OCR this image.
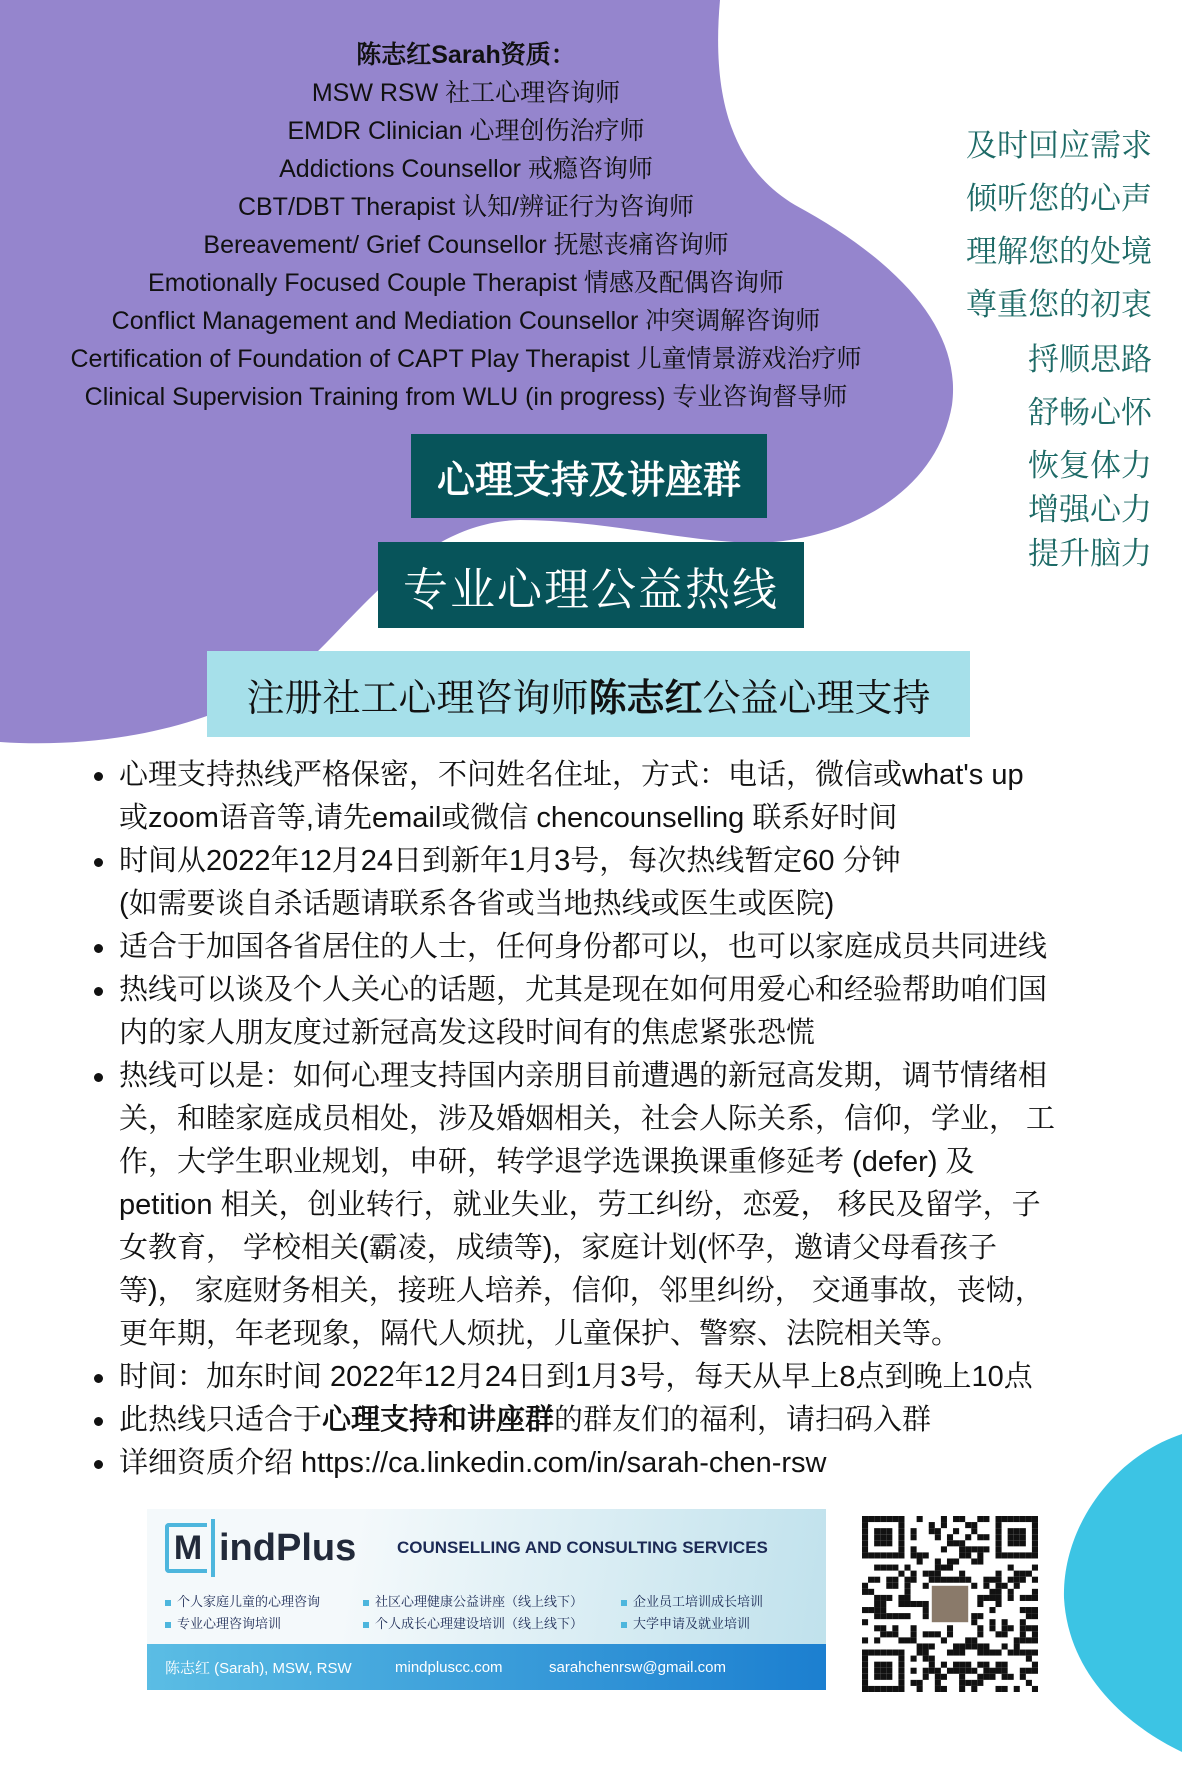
陈志红Sarah资质：
MSW RSW 社工心理咨询师
EMDR Clinician 心理创伤治疗师
Addictions Counsellor 戒瘾咨询师
CBT/DBT Therapist 认知/辨证行为咨询师
Bereavement/ Grief Counsellor 抚慰丧痛咨询师
Emotionally Focused Couple Therapist 情感及配偶咨询师
Conflict Management and Mediation Counsellor 冲突调解咨询师
Certification of Foundation of CAPT Play Therapist 儿童情景游戏治疗师
Clinical Supervision Training from WLU (in progress) 专业咨询督导师
及时回应需求
倾听您的心声
理解您的处境
尊重您的初衷
捋顺思路
舒畅心怀
恢复体力
增强心力
提升脑力
心理支持及讲座群
专业心理公益热线
注册社工心理咨询师 陈志红 公益心理支持
心理支持热线严格保密，不问姓名住址，方式：电话，微信或what's up
或zoom语音等,请先email或微信 chencounselling 联系好时间
时间从2022年12月24日到新年1月3号，每次热线暂定60 分钟
(如需要谈自杀话题请联系各省或当地热线或医生或医院)
适合于加国各省居住的人士，任何身份都可以，也可以家庭成员共同进线
热线可以谈及个人关心的话题，尤其是现在如何用爱心和经验帮助咱们国
内的家人朋友度过新冠高发这段时间有的焦虑紧张恐慌
热线可以是：如何心理支持国内亲朋目前遭遇的新冠高发期，调节情绪相
关，和睦家庭成员相处，涉及婚姻相关，社会人际关系，信仰，学业， 工
作，大学生职业规划，申研，转学退学选课换课重修延考 (defer) 及
petition 相关，创业转行，就业失业，劳工纠纷，恋爱， 移民及留学，子
女教育， 学校相关(霸凌，成绩等)，家庭计划(怀孕，邀请父母看孩子
等)， 家庭财务相关，接班人培养，信仰，邻里纠纷， 交通事故，丧恸，
更年期，年老现象，隔代人烦扰，儿童保护、警察、法院相关等。
时间：加东时间 2022年12月24日到1月3号，每天从早上8点到晚上10点
此热线只适合于心理支持和讲座群的群友们的福利，请扫码入群
详细资质介绍 https://ca.linkedin.com/in/sarah-chen-rsw
M indPlus COUNSELLING AND CONSULTING SERVICES
个人家庭儿童的心理咨询	社区心理健康公益讲座（线上线下）	企业员工培训成长培训
专业心理咨询培训	个人成长心理建设培训（线上线下）	大学申请及就业培训
陈志红 (Sarah), MSW, RSW	mindpluscc.com	sarahchenrsw@gmail.com
